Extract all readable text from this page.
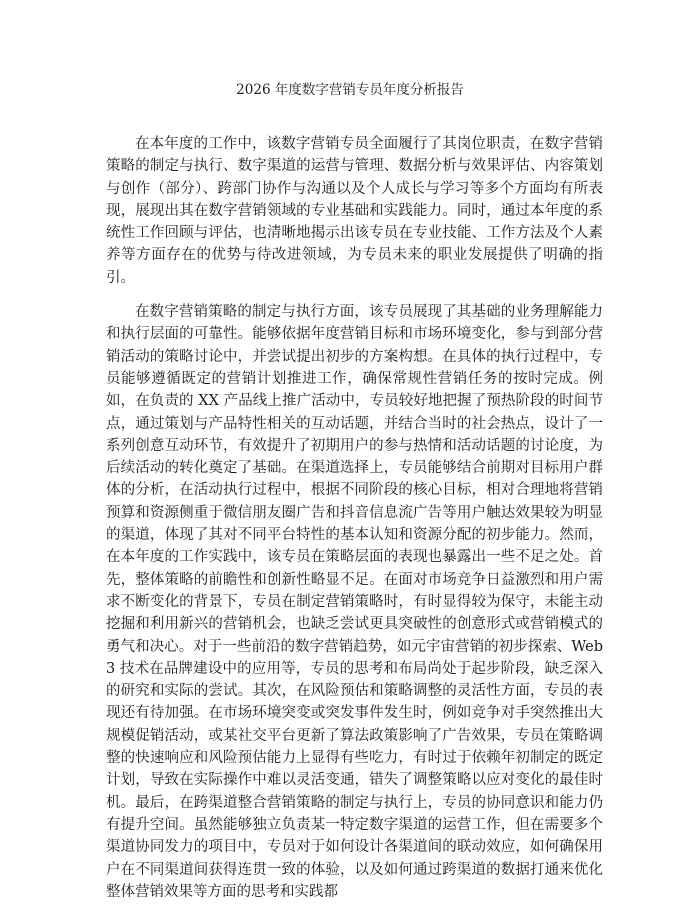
2026 年度数字营销专员年度分析报告

在本年度的工作中，该数字营销专员全面履行了其岗位职责，在数字营销策略的制定与执行、数字渠道的运营与管理、数据分析与效果评估、内容策划与创作（部分）、跨部门协作与沟通以及个人成长与学习等多个方面均有所表现，展现出其在数字营销领域的专业基础和实践能力。同时，通过本年度的系统性工作回顾与评估，也清晰地揭示出该专员在专业技能、工作方法及个人素养等方面存在的优势与待改进领域，为专员未来的职业发展提供了明确的指引。

在数字营销策略的制定与执行方面，该专员展现了其基础的业务理解能力和执行层面的可靠性。能够依据年度营销目标和市场环境变化，参与到部分营销活动的策略讨论中，并尝试提出初步的方案构想。在具体的执行过程中，专员能够遵循既定的营销计划推进工作，确保常规性营销任务的按时完成。例如，在负责的 XX 产品线上推广活动中，专员较好地把握了预热阶段的时间节点，通过策划与产品特性相关的互动话题，并结合当时的社会热点，设计了一系列创意互动环节，有效提升了初期用户的参与热情和活动话题的讨论度，为后续活动的转化奠定了基础。在渠道选择上，专员能够结合前期对目标用户群体的分析，在活动执行过程中，根据不同阶段的核心目标，相对合理地将营销预算和资源侧重于微信朋友圈广告和抖音信息流广告等用户触达效果较为明显的渠道，体现了其对不同平台特性的基本认知和资源分配的初步能力。然而，在本年度的工作实践中，该专员在策略层面的表现也暴露出一些不足之处。首先，整体策略的前瞻性和创新性略显不足。在面对市场竞争日益激烈和用户需求不断变化的背景下，专员在制定营销策略时，有时显得较为保守，未能主动挖掘和利用新兴的营销机会，也缺乏尝试更具突破性的创意形式或营销模式的勇气和决心。对于一些前沿的数字营销趋势，如元宇宙营销的初步探索、Web3 技术在品牌建设中的应用等，专员的思考和布局尚处于起步阶段，缺乏深入的研究和实际的尝试。其次，在风险预估和策略调整的灵活性方面，专员的表现还有待加强。在市场环境突变或突发事件发生时，例如竞争对手突然推出大规模促销活动，或某社交平台更新了算法政策影响了广告效果，专员在策略调整的快速响应和风险预估能力上显得有些吃力，有时过于依赖年初制定的既定计划，导致在实际操作中难以灵活变通，错失了调整策略以应对变化的最佳时机。最后，在跨渠道整合营销策略的制定与执行上，专员的协同意识和能力仍有提升空间。虽然能够独立负责某一特定数字渠道的运营工作，但在需要多个渠道协同发力的项目中，专员对于如何设计各渠道间的联动效应，如何确保用户在不同渠道间获得连贯一致的体验，以及如何通过跨渠道的数据打通来优化整体营销效果等方面的思考和实践都
